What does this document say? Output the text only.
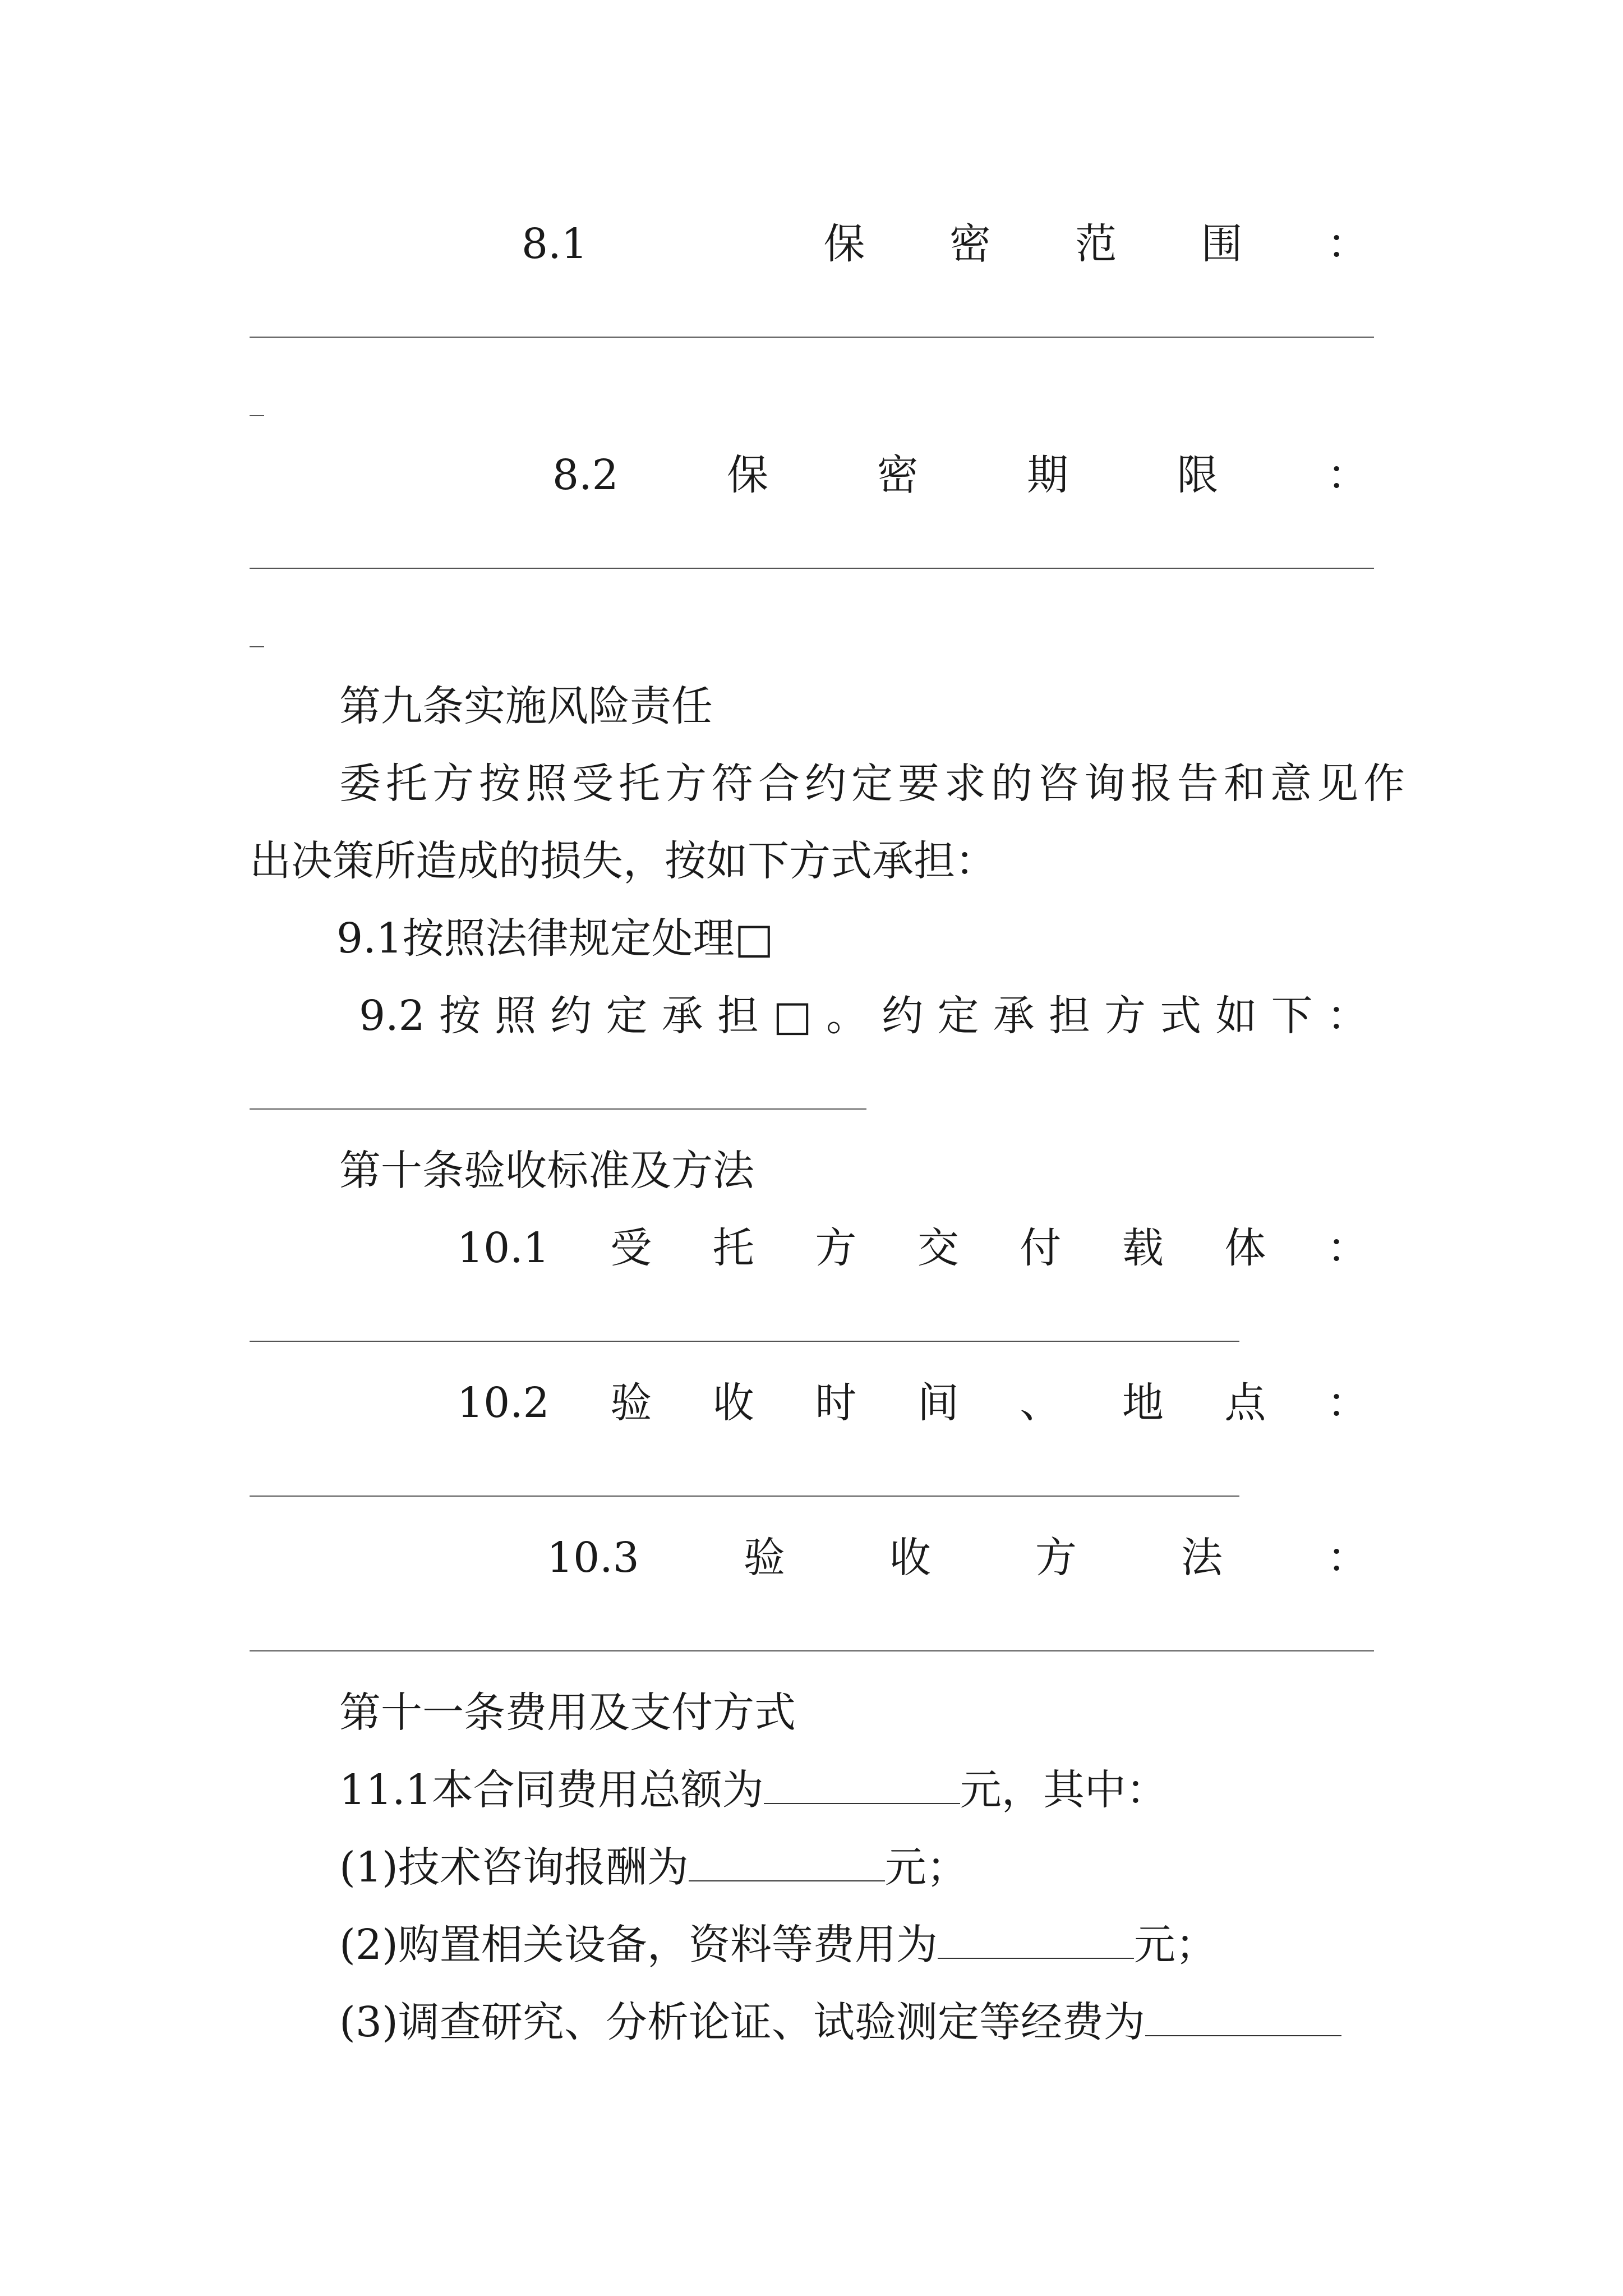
8.1	保 密 范 围 ：
8.2	保	密	期	限	：
第九条实施风险责任
委托方按照受托方符合约定要求的咨询报告和意见作
出决策所造成的损失，按如下方式承担：
9.1按照法律规定处理□
9.2 按 照 约 定 承 担 □ 。 约 定 承 担 方 式 如 下 ：
第十条验收标准及方法
10.1 受 托 方 交 付 载 体 ：
10.2 验 收 时 间 、 地 点 ：
10.3	验	收	方	法	：
第十一条费用及支付方式
11.1本合同费用总额为	元，其中：
(1)技术咨询报酬为	元；
(2)购置相关设备，资料等费用为	元；
(3)调查研究、分析论证、试验测定等经费为
